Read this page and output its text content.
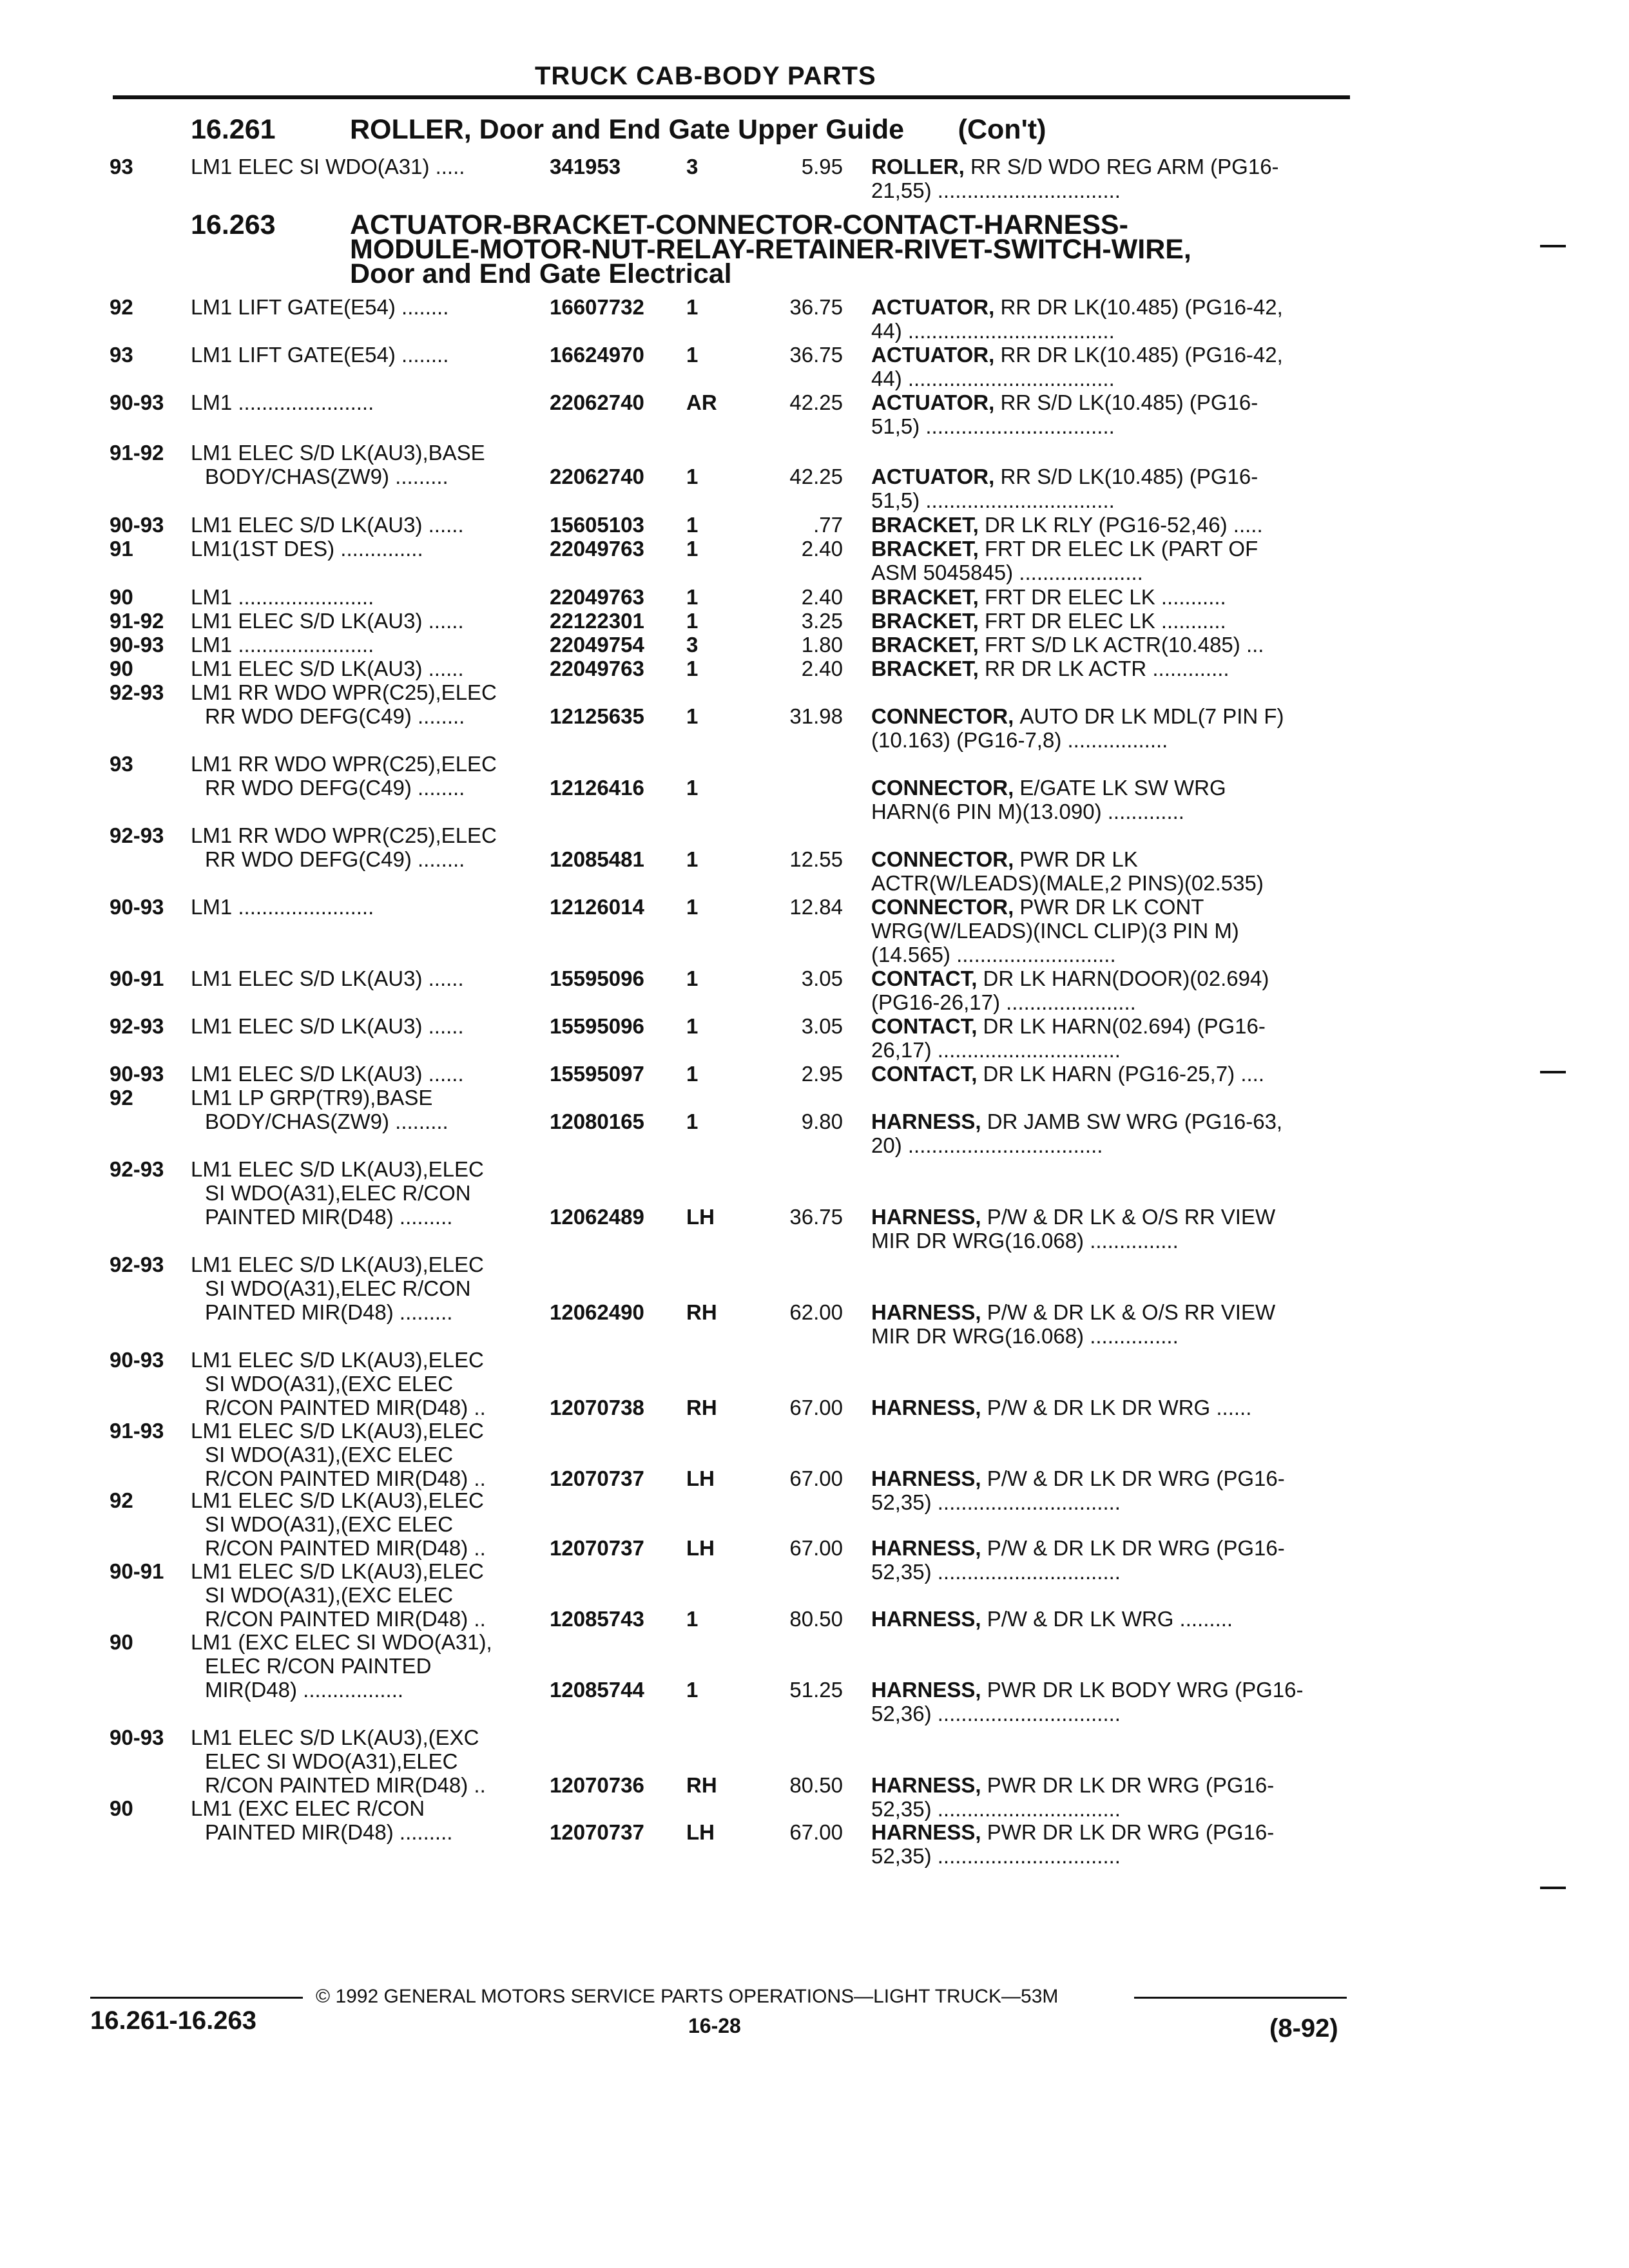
TRUCK CAB-BODY PARTS
16.261	ROLLER, Door and End Gate Upper Guide       (Con't)
16.263	ACTUATOR-BRACKET-CONNECTOR-CONTACT-HARNESS-
MODULE-MOTOR-NUT-RELAY-RETAINER-RIVET-SWITCH-WIRE,
Door and End Gate Electrical
93	LM1 ELEC SI WDO(A31) .....	341953	3	5.95 ROLLER, RR S/D WDO REG ARM (PG16-
21,55) ...............................
92	LM1 LIFT GATE(E54) ........	16607732 1	36.75 ACTUATOR, RR DR LK(10.485) (PG16-42,
44) ...................................
93	LM1 LIFT GATE(E54) ........	16624970 1	36.75 ACTUATOR, RR DR LK(10.485) (PG16-42,
44) ...................................
90-93 LM1 .......................	22062740 AR	42.25 ACTUATOR, RR S/D LK(10.485) (PG16-
51,5) ................................
91-92 LM1 ELEC S/D LK(AU3),BASE
BODY/CHAS(ZW9) .........	22062740 1	42.25 ACTUATOR, RR S/D LK(10.485) (PG16-
51,5) ................................
90-93 LM1 ELEC S/D LK(AU3) ......	15605103 1	.77 BRACKET, DR LK RLY (PG16-52,46) .....
91	LM1(1ST DES) ..............	22049763 1	2.40 BRACKET, FRT DR ELEC LK (PART OF
ASM 5045845) .....................
90	LM1 .......................	22049763 1	2.40 BRACKET, FRT DR ELEC LK ...........
91-92 LM1 ELEC S/D LK(AU3) ......	22122301 1	3.25 BRACKET, FRT DR ELEC LK ...........
90-93 LM1 .......................	22049754 3	1.80 BRACKET, FRT S/D LK ACTR(10.485) ...
90	LM1 ELEC S/D LK(AU3) ......	22049763 1	2.40 BRACKET, RR DR LK ACTR .............
92-93 LM1 RR WDO WPR(C25),ELEC
RR WDO DEFG(C49) ........	12125635 1	31.98 CONNECTOR, AUTO DR LK MDL(7 PIN F)
(10.163) (PG16-7,8) .................
93	LM1 RR WDO WPR(C25),ELEC
RR WDO DEFG(C49) ........	12126416 1	CONNECTOR, E/GATE LK SW WRG
HARN(6 PIN M)(13.090) .............
92-93 LM1 RR WDO WPR(C25),ELEC
RR WDO DEFG(C49) ........	12085481 1	12.55 CONNECTOR, PWR DR LK
ACTR(W/LEADS)(MALE,2 PINS)(02.535)
90-93 LM1 .......................	12126014 1	12.84 CONNECTOR, PWR DR LK CONT
WRG(W/LEADS)(INCL CLIP)(3 PIN M)
(14.565) ...........................
90-91 LM1 ELEC S/D LK(AU3) ......	15595096 1	3.05 CONTACT, DR LK HARN(DOOR)(02.694)
(PG16-26,17) ......................
92-93 LM1 ELEC S/D LK(AU3) ......	15595096 1	3.05 CONTACT, DR LK HARN(02.694) (PG16-
26,17) ...............................
90-93 LM1 ELEC S/D LK(AU3) ......	15595097 1	2.95 CONTACT, DR LK HARN (PG16-25,7) ....
92	LM1 LP GRP(TR9),BASE
BODY/CHAS(ZW9) .........	12080165 1	9.80 HARNESS, DR JAMB SW WRG (PG16-63,
20) .................................
92-93 LM1 ELEC S/D LK(AU3),ELEC
SI WDO(A31),ELEC R/CON
PAINTED MIR(D48) .........	12062489 LH	36.75 HARNESS, P/W & DR LK & O/S RR VIEW
MIR DR WRG(16.068) ...............
92-93 LM1 ELEC S/D LK(AU3),ELEC
SI WDO(A31),ELEC R/CON
PAINTED MIR(D48) .........	12062490 RH	62.00 HARNESS, P/W & DR LK & O/S RR VIEW
MIR DR WRG(16.068) ...............
90-93 LM1 ELEC S/D LK(AU3),ELEC
SI WDO(A31),(EXC ELEC
R/CON PAINTED MIR(D48) ..	12070738 RH	67.00 HARNESS, P/W & DR LK DR WRG ......
91-93 LM1 ELEC S/D LK(AU3),ELEC
SI WDO(A31),(EXC ELEC
R/CON PAINTED MIR(D48) ..	12070737 LH	67.00 HARNESS, P/W & DR LK DR WRG (PG16-
52,35) ...............................
92	LM1 ELEC S/D LK(AU3),ELEC
SI WDO(A31),(EXC ELEC
R/CON PAINTED MIR(D48) ..	12070737 LH	67.00 HARNESS, P/W & DR LK DR WRG (PG16-
52,35) ...............................
90-91 LM1 ELEC S/D LK(AU3),ELEC
SI WDO(A31),(EXC ELEC
R/CON PAINTED MIR(D48) ..	12085743 1	80.50 HARNESS, P/W & DR LK WRG .........
90	LM1 (EXC ELEC SI WDO(A31),
ELEC R/CON PAINTED
MIR(D48) .................	12085744 1	51.25 HARNESS, PWR DR LK BODY WRG (PG16-
52,36) ...............................
90-93 LM1 ELEC S/D LK(AU3),(EXC
ELEC SI WDO(A31),ELEC
R/CON PAINTED MIR(D48) ..	12070736 RH	80.50 HARNESS, PWR DR LK DR WRG (PG16-
52,35) ...............................
90	LM1 (EXC ELEC R/CON
PAINTED MIR(D48) .........	12070737 LH	67.00 HARNESS, PWR DR LK DR WRG (PG16-
52,35) ...............................
© 1992 GENERAL MOTORS SERVICE PARTS OPERATIONS—LIGHT TRUCK—53M
16.261-16.263	16-28	(8-92)
